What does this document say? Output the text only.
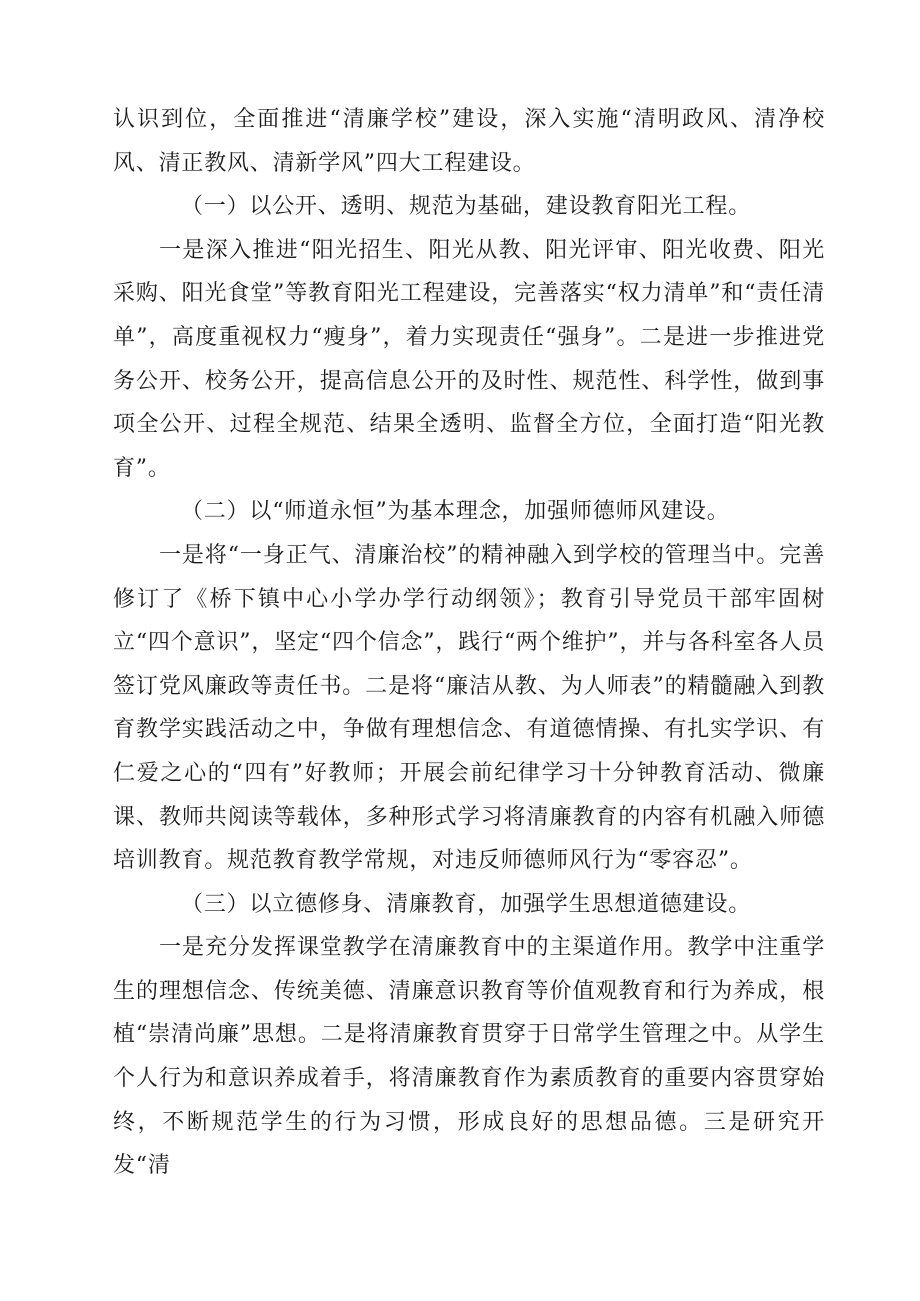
认识到位，全面推进“清廉学校”建设，深入实施“清明政风、清净校风、清正教风、清新学风”四大工程建设。

（一）以公开、透明、规范为基础，建设教育阳光工程。

一是深入推进“阳光招生、阳光从教、阳光评审、阳光收费、阳光采购、阳光食堂”等教育阳光工程建设，完善落实“权力清单”和“责任清单”，高度重视权力“瘦身”，着力实现责任“强身”。二是进一步推进党务公开、校务公开，提高信息公开的及时性、规范性、科学性，做到事项全公开、过程全规范、结果全透明、监督全方位，全面打造“阳光教育”。

（二）以“师道永恒”为基本理念，加强师德师风建设。

一是将“一身正气、清廉治校”的精神融入到学校的管理当中。完善修订了《桥下镇中心小学办学行动纲领》；教育引导党员干部牢固树立“四个意识”，坚定“四个信念”，践行“两个维护”，并与各科室各人员签订党风廉政等责任书。二是将“廉洁从教、为人师表”的精髓融入到教育教学实践活动之中，争做有理想信念、有道德情操、有扎实学识、有仁爱之心的“四有”好教师；开展会前纪律学习十分钟教育活动、微廉课、教师共阅读等载体，多种形式学习将清廉教育的内容有机融入师德培训教育。规范教育教学常规，对违反师德师风行为“零容忍”。

（三）以立德修身、清廉教育，加强学生思想道德建设。

一是充分发挥课堂教学在清廉教育中的主渠道作用。教学中注重学生的理想信念、传统美德、清廉意识教育等价值观教育和行为养成，根植“崇清尚廉”思想。二是将清廉教育贯穿于日常学生管理之中。从学生个人行为和意识养成着手，将清廉教育作为素质教育的重要内容贯穿始终，不断规范学生的行为习惯，形成良好的思想品德。三是研究开发“清
